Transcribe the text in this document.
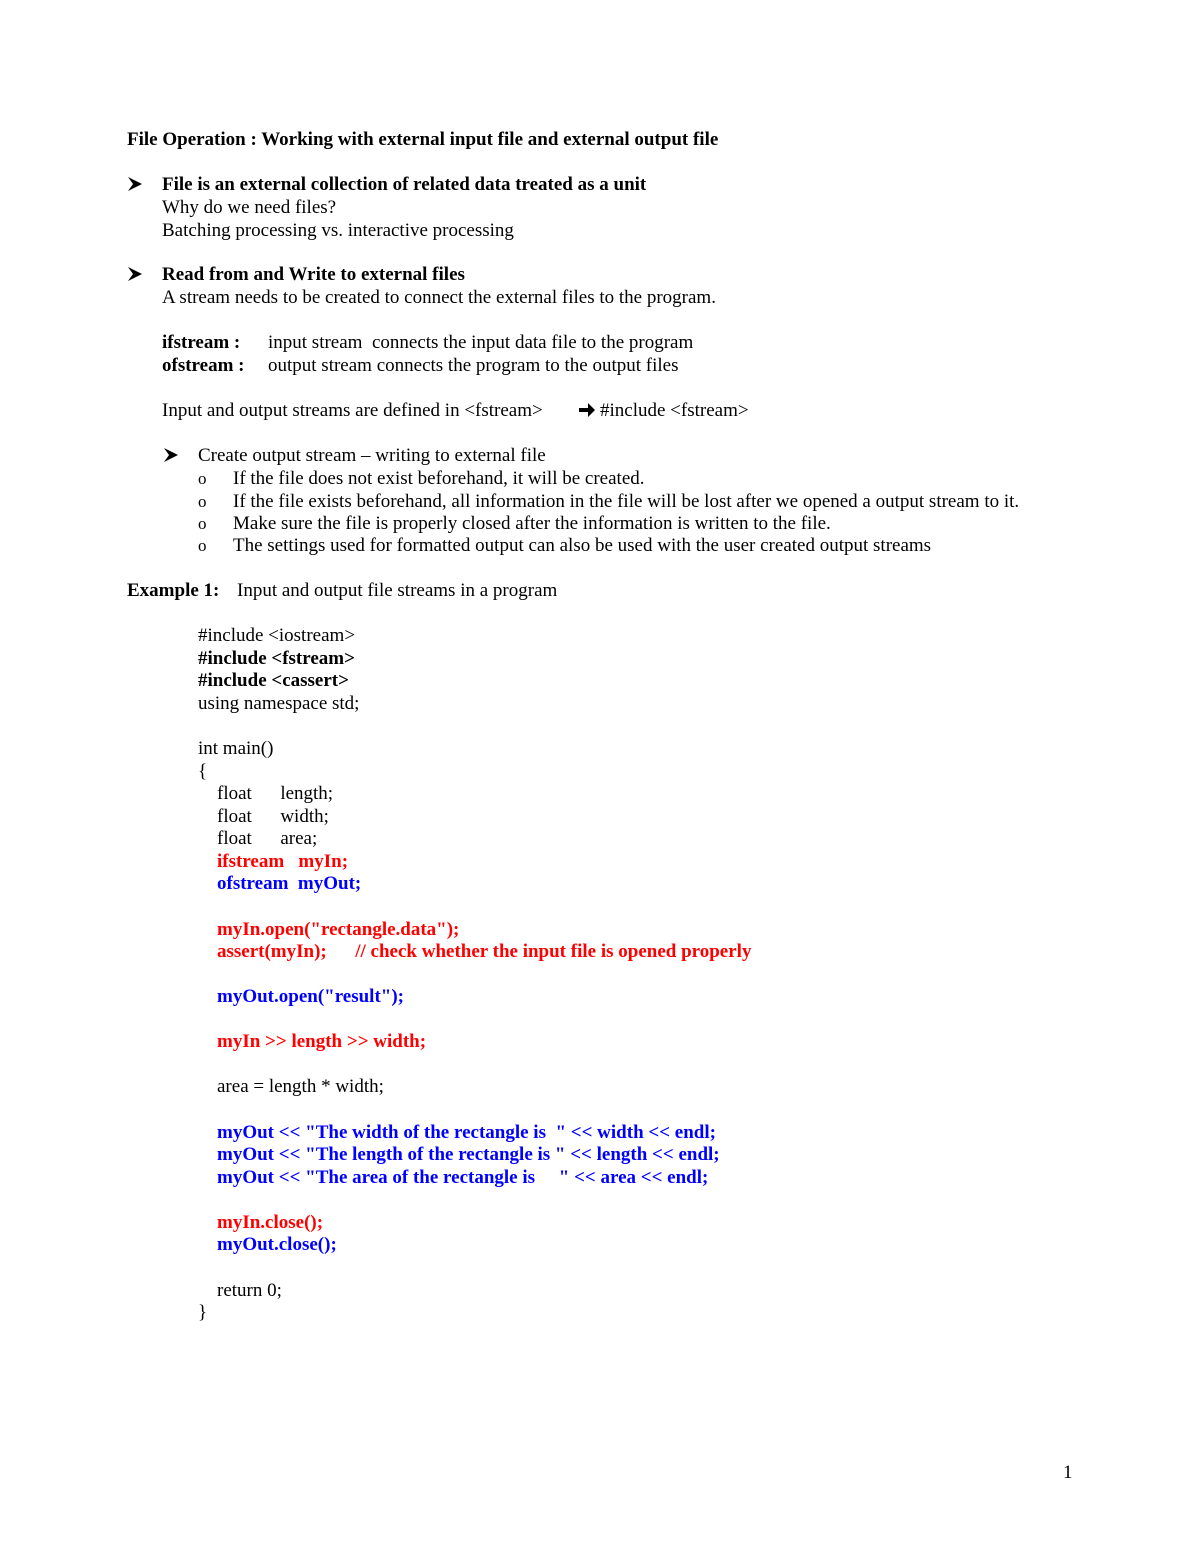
File Operation : Working with external input file and external output file
File is an external collection of related data treated as a unit
Why do we need files?
Batching processing vs. interactive processing
Read from and Write to external files
A stream needs to be created to connect the external files to the program.
ifstream : input stream  connects the input data file to the program
ofstream : output stream connects the program to the output files
Input and output streams are defined in <fstream>	#include <fstream>
Create output stream – writing to external file
o If the file does not exist beforehand, it will be created.
o If the file exists beforehand, all information in the file will be lost after we opened a output stream to it.
o Make sure the file is properly closed after the information is written to the file.
o The settings used for formatted output can also be used with the user created output streams
Example 1: Input and output file streams in a program
#include <iostream>
#include <fstream>
#include <cassert>
using namespace std;
int main()
{
float      length;
float      width;
float      area;
ifstream   myIn;
ofstream  myOut;
myIn.open("rectangle.data");
assert(myIn);      // check whether the input file is opened properly
myOut.open("result");
myIn >> length >> width;
area = length * width;
myOut << "The width of the rectangle is  " << width << endl;
myOut << "The length of the rectangle is " << length << endl;
myOut << "The area of the rectangle is     " << area << endl;
myIn.close();
myOut.close();
return 0;
}
1
